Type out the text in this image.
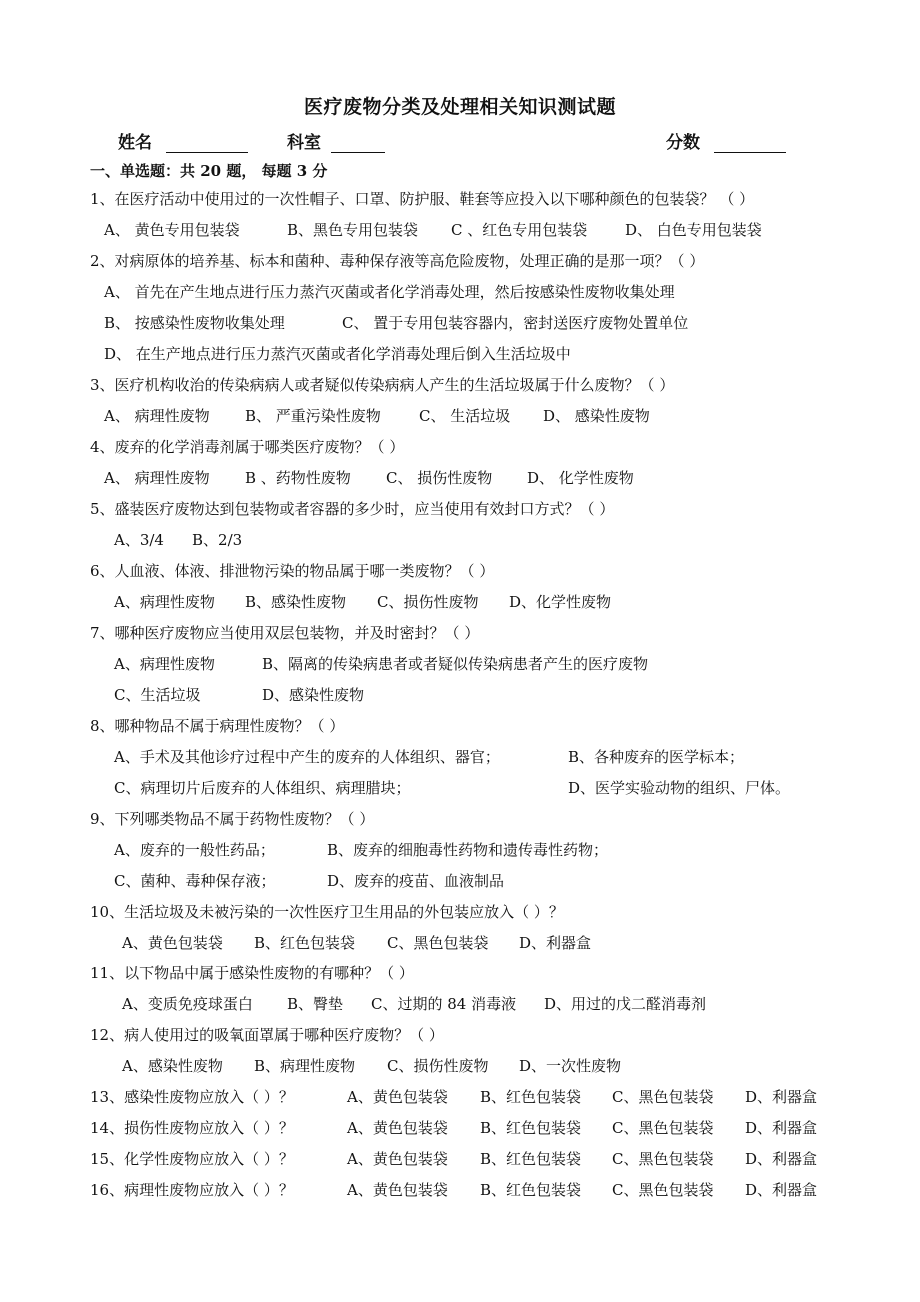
医疗废物分类及处理相关知识测试题
姓名	科室	分数
一、单选题：共 20 题， 每题 3 分
1、在医疗活动中使用过的一次性帽子、口罩、防护服、鞋套等应投入以下哪种颜色的包装袋？ （ ）
A、 黄色专用包装袋	B、黑色专用包装袋 C 、红色专用包装袋	D、 白色专用包装袋
2、对病原体的培养基、标本和菌种、毒种保存液等高危险废物，处理正确的是那一项？（ ）
A、 首先在产生地点进行压力蒸汽灭菌或者化学消毒处理，然后按感染性废物收集处理
B、 按感染性废物收集处理	C、 置于专用包装容器内，密封送医疗废物处置单位
D、 在生产地点进行压力蒸汽灭菌或者化学消毒处理后倒入生活垃圾中
3、医疗机构收治的传染病病人或者疑似传染病病人产生的生活垃圾属于什么废物？（ ）
A、 病理性废物 B、 严重污染性废物	C、 生活垃圾 D、 感染性废物
4、废弃的化学消毒剂属于哪类医疗废物？（ ）
A、 病理性废物 B 、药物性废物 C、 损伤性废物 D、 化学性废物
5、盛装医疗废物达到包装物或者容器的多少时，应当使用有效封口方式？（ ）
A、3/4 B、2/3
6、人血液、体液、排泄物污染的物品属于哪一类废物？（ ）
A、病理性废物 B、感染性废物 C、损伤性废物 D、化学性废物
7、哪种医疗废物应当使用双层包装物，并及时密封？（ ）
A、病理性废物	B、隔离的传染病患者或者疑似传染病患者产生的医疗废物
C、生活垃圾	D、感染性废物
8、哪种物品不属于病理性废物？（ ）
A、手术及其他诊疗过程中产生的废弃的人体组织、器官；	B、各种废弃的医学标本；
C、病理切片后废弃的人体组织、病理腊块；	D、医学实验动物的组织、尸体。
9、下列哪类物品不属于药物性废物？（ ）
A、废弃的一般性药品；	B、废弃的细胞毒性药物和遗传毒性药物；
C、菌种、毒种保存液；	D、废弃的疫苗、血液制品
10、生活垃圾及未被污染的一次性医疗卫生用品的外包装应放入（ ）？
A、黄色包装袋 B、红色包装袋 C、黑色包装袋 D、利器盒
11、以下物品中属于感染性废物的有哪种？（ ）
A、变质免疫球蛋白 B、臀垫 C、过期的 84 消毒液 D、用过的戊二醛消毒剂
12、病人使用过的吸氧面罩属于哪种医疗废物？（ ）
A、感染性废物 B、病理性废物 C、损伤性废物 D、一次性废物
13、感染性废物应放入（ ）？	A、黄色包装袋 B、红色包装袋 C、黑色包装袋 D、利器盒
14、损伤性废物应放入（ ）？	A、黄色包装袋 B、红色包装袋 C、黑色包装袋 D、利器盒
15、化学性废物应放入（ ）？	A、黄色包装袋 B、红色包装袋 C、黑色包装袋 D、利器盒
16、病理性废物应放入（ ）？	A、黄色包装袋 B、红色包装袋 C、黑色包装袋 D、利器盒
